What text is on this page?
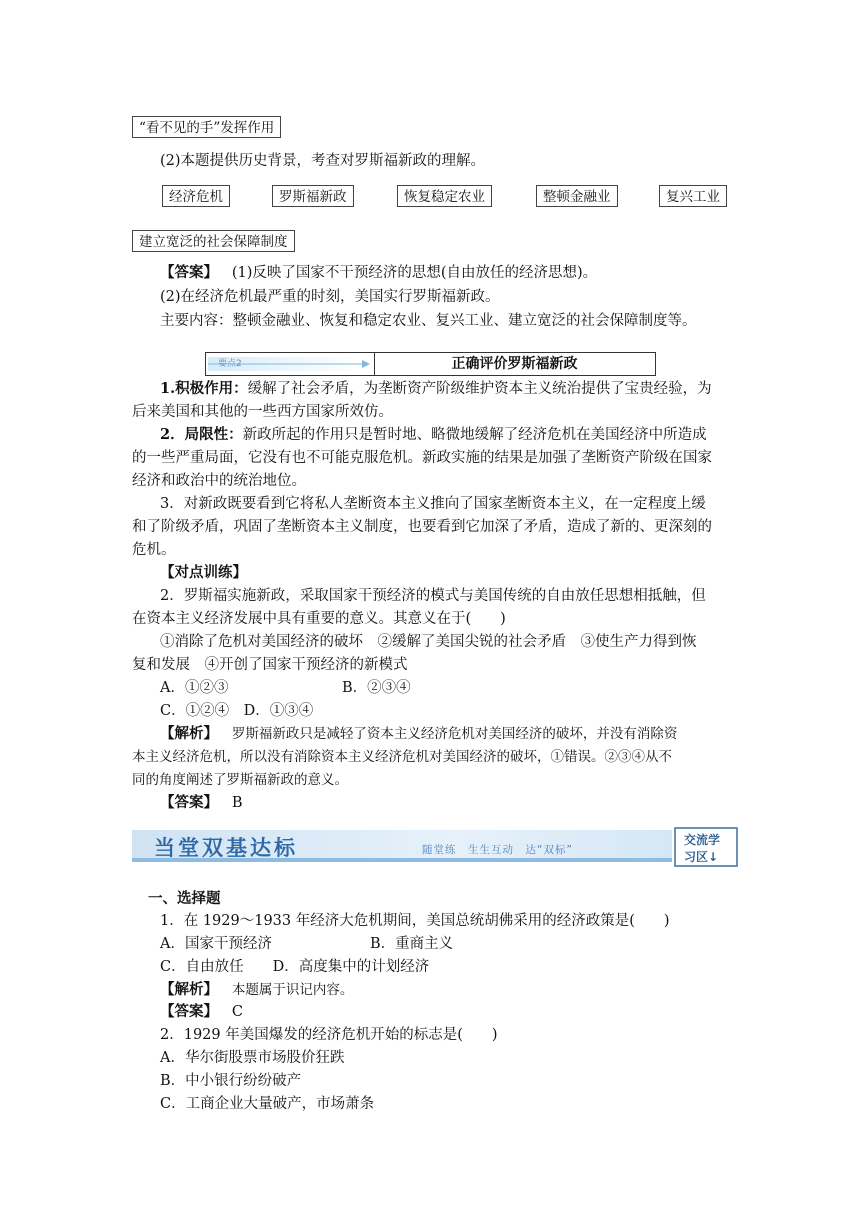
“看不见的手”发挥作用
(2)本题提供历史背景，考查对罗斯福新政的理解。
经济危机	罗斯福新政	恢复稳定农业	整顿金融业	复兴工业
建立宽泛的社会保障制度
【答案】 (1)反映了国家不干预经济的思想(自由放任的经济思想)。
(2)在经济危机最严重的时刻，美国实行罗斯福新政。
主要内容：整顿金融业、恢复和稳定农业、复兴工业、建立宽泛的社会保障制度等。
要点2	正确评价罗斯福新政
1.积极作用：缓解了社会矛盾，为垄断资产阶级维护资本主义统治提供了宝贵经验，为
后来美国和其他的一些西方国家所效仿。
2．局限性：新政所起的作用只是暂时地、略微地缓解了经济危机在美国经济中所造成
的一些严重局面，它没有也不可能克服危机。新政实施的结果是加强了垄断资产阶级在国家
经济和政治中的统治地位。
3．对新政既要看到它将私人垄断资本主义推向了国家垄断资本主义，在一定程度上缓
和了阶级矛盾，巩固了垄断资本主义制度，也要看到它加深了矛盾，造成了新的、更深刻的
危机。
【对点训练】
2．罗斯福实施新政，采取国家干预经济的模式与美国传统的自由放任思想相抵触，但
在资本主义经济发展中具有重要的意义。其意义在于(　　)
①消除了危机对美国经济的破坏　②缓解了美国尖锐的社会矛盾　③使生产力得到恢
复和发展　④开创了国家干预经济的新模式
A．①②③	B．②③④
C．①②④　D．①③④
【解析】 罗斯福新政只是减轻了资本主义经济危机对美国经济的破坏，并没有消除资
本主义经济危机，所以没有消除资本主义经济危机对美国经济的破坏，①错误。②③④从不
同的角度阐述了罗斯福新政的意义。
【答案】 B
当堂双基达标	随堂练　生生互动　达“双标”
交流学
习区↓
一、选择题
1．在 1929～1933 年经济大危机期间，美国总统胡佛采用的经济政策是(　　)
A．国家干预经济	B．重商主义
C．自由放任　　D．高度集中的计划经济
【解析】 本题属于识记内容。
【答案】 C
2．1929 年美国爆发的经济危机开始的标志是(　　)
A．华尔街股票市场股价狂跌
B．中小银行纷纷破产
C．工商企业大量破产，市场萧条
